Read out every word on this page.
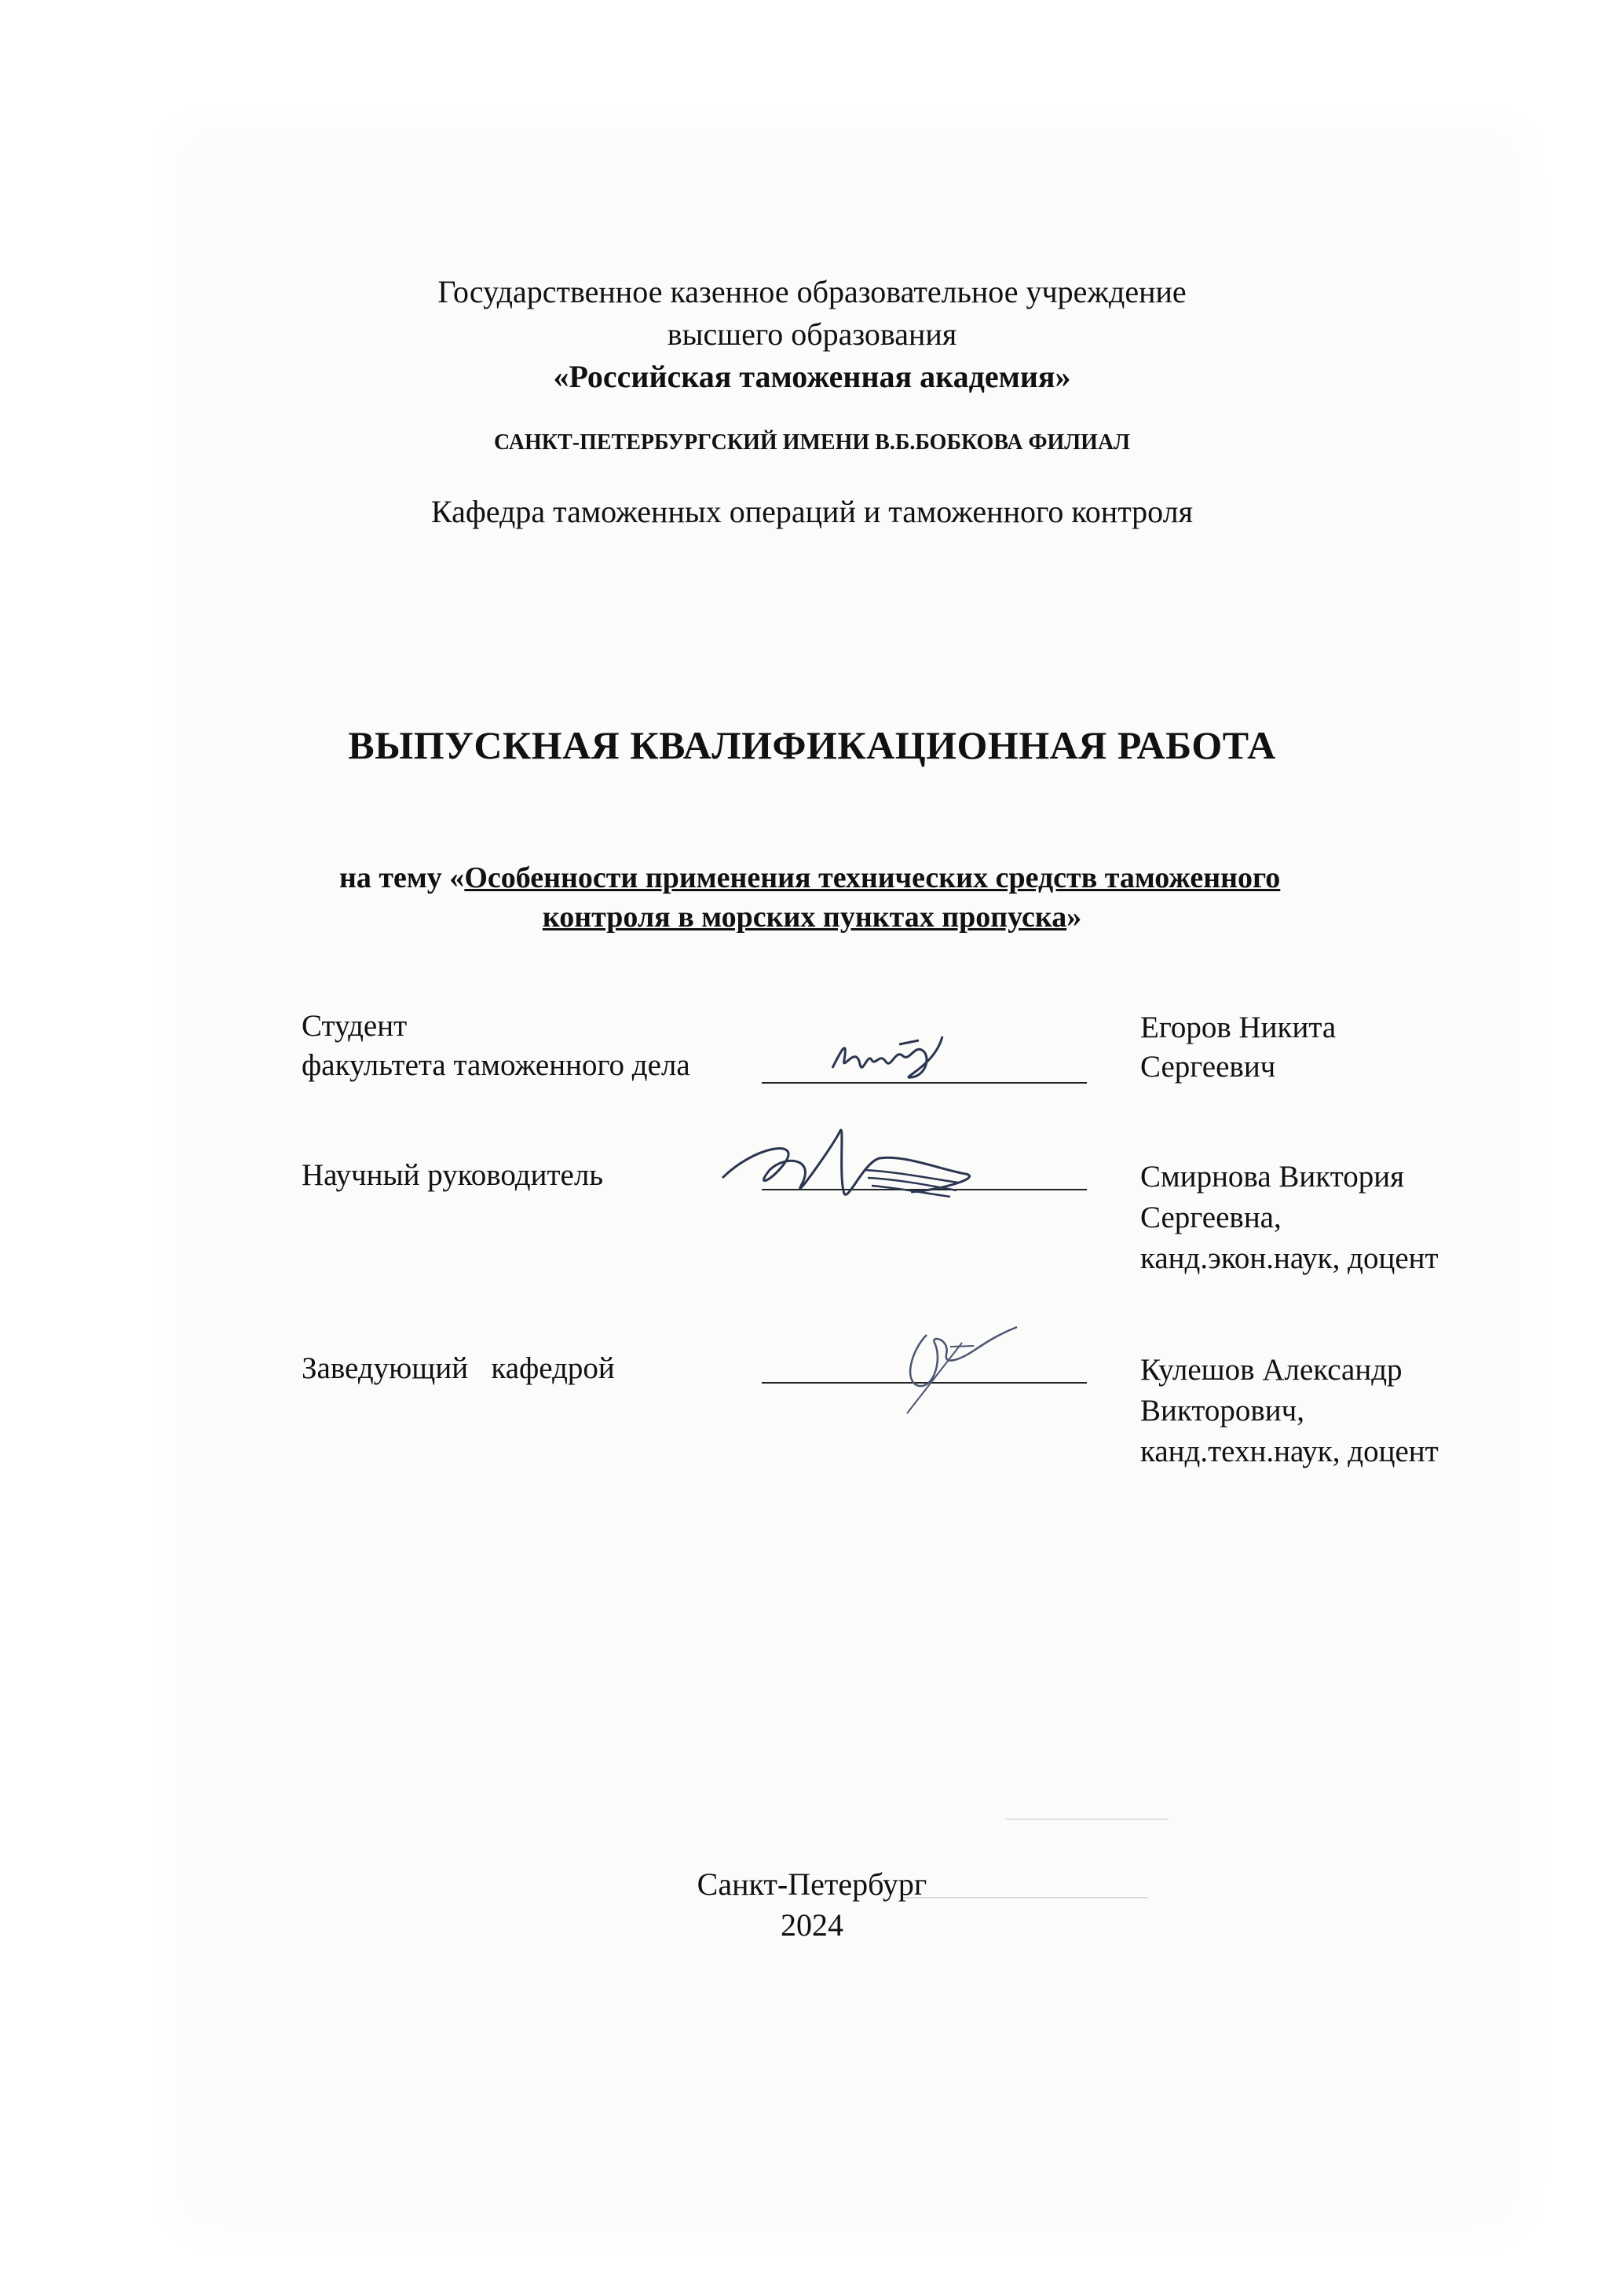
————————
————————————
Государственное казенное образовательное учреждение
высшего образования
«Российская таможенная академия»
САНКТ-ПЕТЕРБУРГСКИЙ ИМЕНИ В.Б.БОБКОВА ФИЛИАЛ
Кафедра таможенных операций и таможенного контроля
ВЫПУСКНАЯ КВАЛИФИКАЦИОННАЯ РАБОТА
на тему «Особенности применения технических средств таможенного
контроля в морских пунктах пропуска»
Студент
факультета таможенного дела
Егоров Никита
Сергеевич
Научный руководитель	Смирнова Виктория
Сергеевна,
канд.экон.наук, доцент
Заведующий   кафедрой	Кулешов Александр
Викторович,
канд.техн.наук, доцент
Санкт-Петербург
2024
